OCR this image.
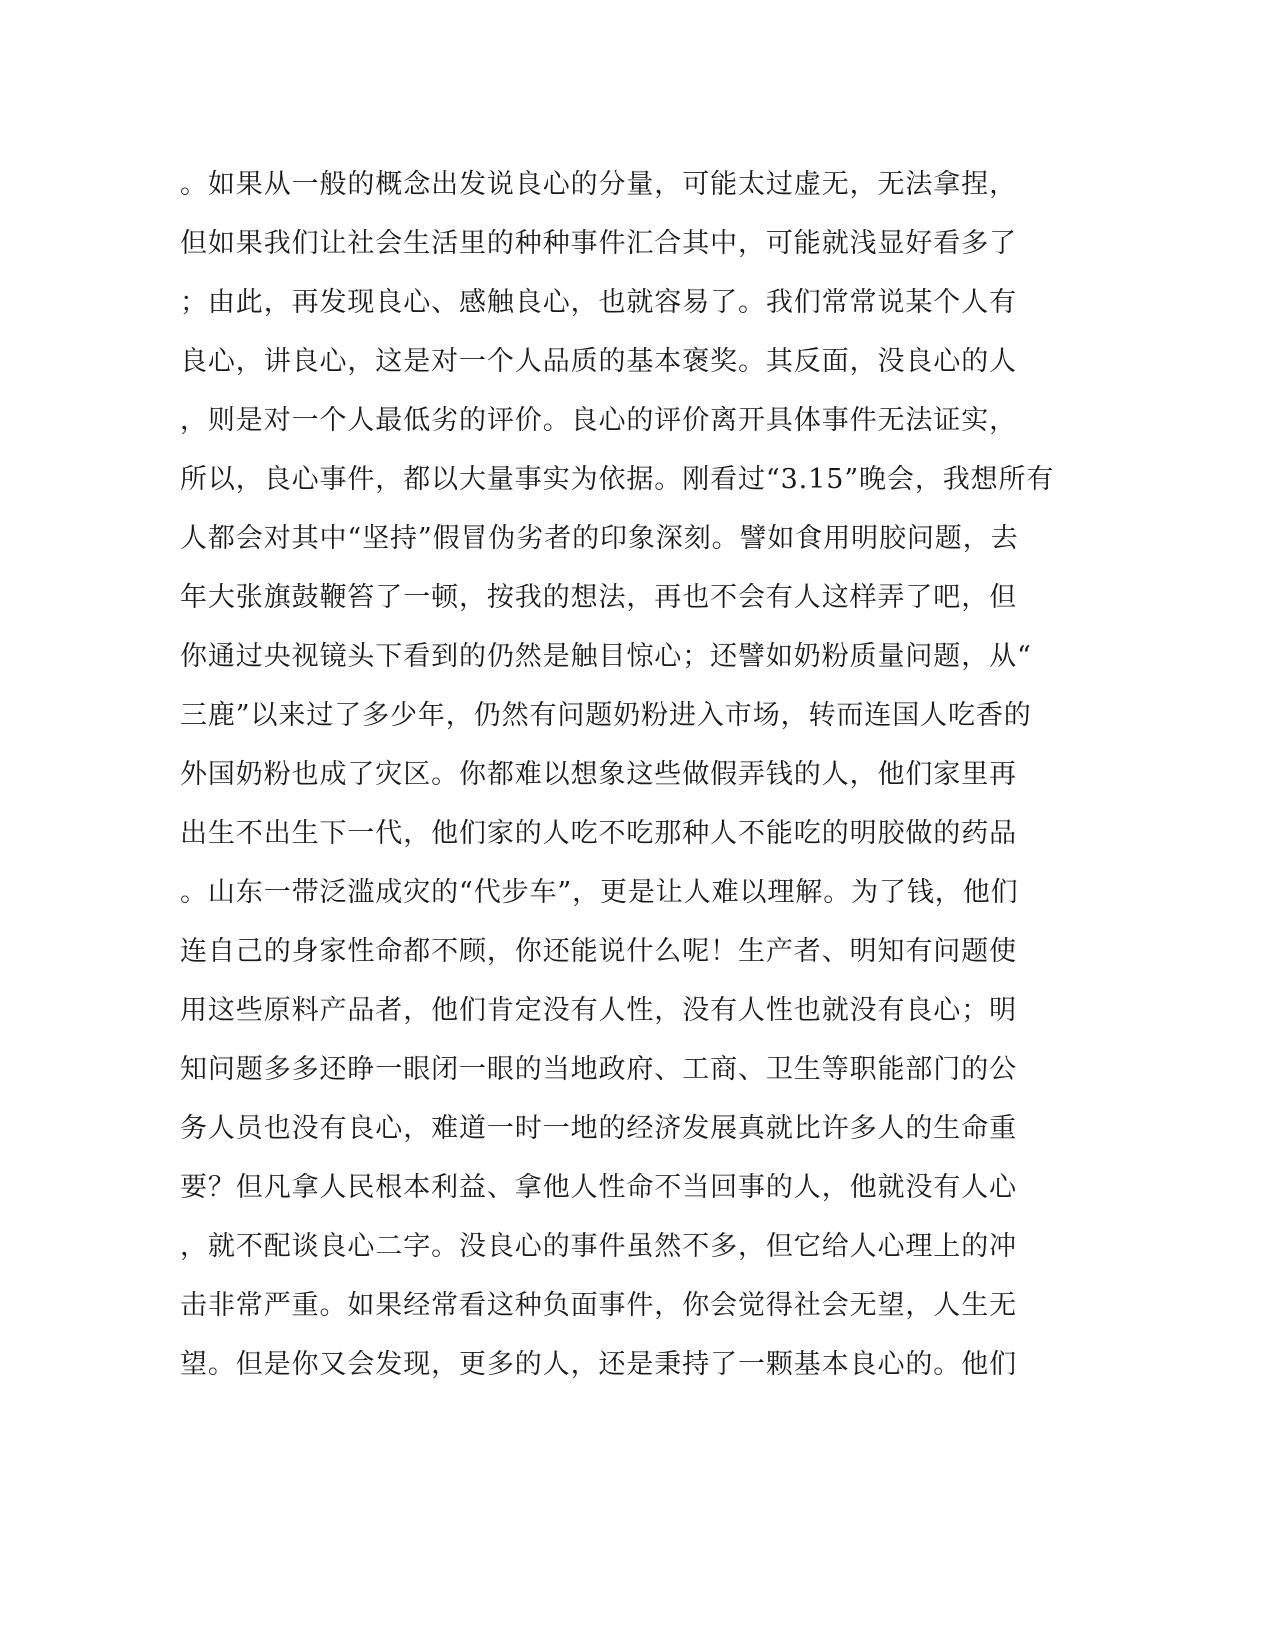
。如果从一般的概念出发说良心的分量，可能太过虚无，无法拿捏，
但如果我们让社会生活里的种种事件汇合其中，可能就浅显好看多了
；由此，再发现良心、感触良心，也就容易了。我们常常说某个人有
良心，讲良心，这是对一个人品质的基本褒奖。其反面，没良心的人
，则是对一个人最低劣的评价。良心的评价离开具体事件无法证实，
所以，良心事件，都以大量事实为依据。刚看过“3.15”晚会，我想所有
人都会对其中“坚持”假冒伪劣者的印象深刻。譬如食用明胶问题，去
年大张旗鼓鞭笞了一顿，按我的想法，再也不会有人这样弄了吧，但
你通过央视镜头下看到的仍然是触目惊心；还譬如奶粉质量问题，从“
三鹿”以来过了多少年，仍然有问题奶粉进入市场，转而连国人吃香的
外国奶粉也成了灾区。你都难以想象这些做假弄钱的人，他们家里再
出生不出生下一代，他们家的人吃不吃那种人不能吃的明胶做的药品
。山东一带泛滥成灾的“代步车”，更是让人难以理解。为了钱，他们
连自己的身家性命都不顾，你还能说什么呢！生产者、明知有问题使
用这些原料产品者，他们肯定没有人性，没有人性也就没有良心；明
知问题多多还睁一眼闭一眼的当地政府、工商、卫生等职能部门的公
务人员也没有良心，难道一时一地的经济发展真就比许多人的生命重
要？但凡拿人民根本利益、拿他人性命不当回事的人，他就没有人心
，就不配谈良心二字。没良心的事件虽然不多，但它给人心理上的冲
击非常严重。如果经常看这种负面事件，你会觉得社会无望，人生无
望。但是你又会发现，更多的人，还是秉持了一颗基本良心的。他们
